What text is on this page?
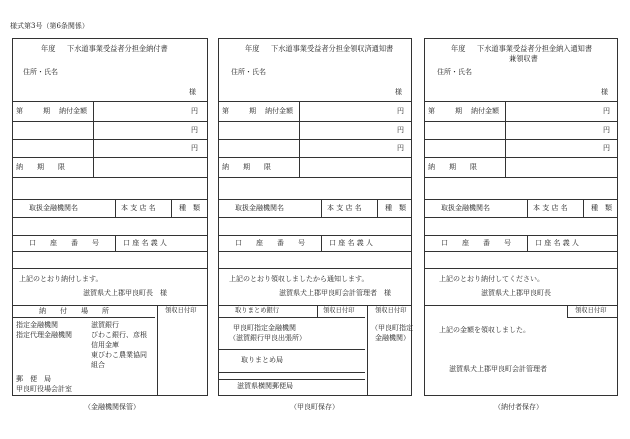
様式第3号（第6条関係）
年度 下水道事業受益者分担金納付書
住所・氏名
様
第	期 納付金額	円
円
円
納　　期　　限
取扱金融機関名	本 支 店 名	種　類
口　　座　　番　　号	口 座 名 義 人
上記のとおり納付します。
滋賀県犬上郡甲良町長　様
納　　付　　場　　所	領収日付印
指定金融機関	滋賀銀行
指定代理金融機関	びわこ銀行、彦根
信用金庫
東びわこ農業協同
組合
郵　便　局
甲良町役場会計室
年度 下水道事業受益者分担金領収済通知書
住所・氏名
様
第	期 納付金額	円
円
円
納　　期　　限
取扱金融機関名	本 支 店 名	種　類
口　　座　　番　　号	口 座 名 義 人
上記のとおり領収しましたから通知します。
滋賀県犬上郡甲良町会計管理者　様
取りまとめ銀行	領収日付印	領収日付印
甲良町指定金融機関
（滋賀銀行甲良出張所）
（甲良町指定
金融機関）
取りまとめ局
滋賀県横関郵便局
年度 下水道事業受益者分担金納入通知書
兼領収書
住所・氏名
様
第	期 納付金額	円
円
円
納　　期　　限
取扱金融機関名	本 支 店 名	種　類
口　　座　　番　　号	口 座 名 義 人
上記のとおり納付してください。
滋賀県犬上郡甲良町長
領収日付印
上記の金額を領収しました。
滋賀県犬上郡甲良町会計管理者
（金融機関保管）	（甲良町保存）	（納付者保存）
